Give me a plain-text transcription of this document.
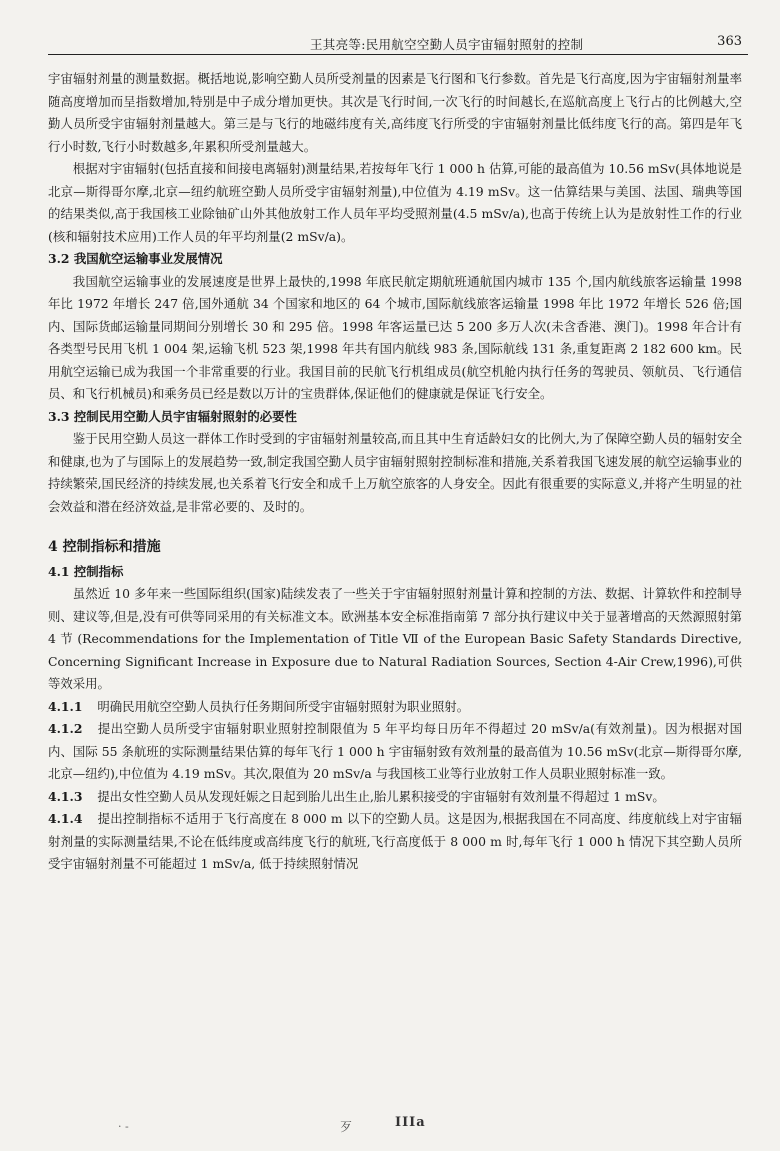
王其亮等:民用航空空勤人员宇宙辐射照射的控制	363

宇宙辐射剂量的测量数据。概括地说,影响空勤人员所受剂量的因素是飞行图和飞行参数。首先是飞行高度,因为宇宙辐射剂量率随高度增加而呈指数增加,特别是中子成分增加更快。其次是飞行时间,一次飞行的时间越长,在巡航高度上飞行占的比例越大,空勤人员所受宇宙辐射剂量越大。第三是与飞行的地磁纬度有关,高纬度飞行所受的宇宙辐射剂量比低纬度飞行的高。第四是年飞行小时数,飞行小时数越多,年累积所受剂量越大。

根据对宇宙辐射(包括直接和间接电离辐射)测量结果,若按每年飞行 1 000 h 估算,可能的最高值为 10.56 mSv(具体地说是北京—斯得哥尔摩,北京—纽约航班空勤人员所受宇宙辐射剂量),中位值为 4.19 mSv。这一估算结果与美国、法国、瑞典等国的结果类似,高于我国核工业除铀矿山外其他放射工作人员年平均受照剂量(4.5 mSv/a),也高于传统上认为是放射性工作的行业(核和辐射技术应用)工作人员的年平均剂量(2 mSv/a)。

3.2 我国航空运输事业发展情况

我国航空运输事业的发展速度是世界上最快的,1998 年底民航定期航班通航国内城市 135 个,国内航线旅客运输量 1998 年比 1972 年增长 247 倍,国外通航 34 个国家和地区的 64 个城市,国际航线旅客运输量 1998 年比 1972 年增长 526 倍;国内、国际货邮运输量同期间分别增长 30 和 295 倍。1998 年客运量已达 5 200 多万人次(未含香港、澳门)。1998 年合计有各类型号民用飞机 1 004 架,运输飞机 523 架,1998 年共有国内航线 983 条,国际航线 131 条,重复距离 2 182 600 km。民用航空运输已成为我国一个非常重要的行业。我国目前的民航飞行机组成员(航空机舱内执行任务的驾驶员、领航员、飞行通信员、和飞行机械员)和乘务员已经是数以万计的宝贵群体,保证他们的健康就是保证飞行安全。

3.3 控制民用空勤人员宇宙辐射照射的必要性

鉴于民用空勤人员这一群体工作时受到的宇宙辐射剂量较高,而且其中生育适龄妇女的比例大,为了保障空勤人员的辐射安全和健康,也为了与国际上的发展趋势一致,制定我国空勤人员宇宙辐射照射控制标准和措施,关系着我国飞速发展的航空运输事业的持续繁荣,国民经济的持续发展,也关系着飞行安全和成千上万航空旅客的人身安全。因此有很重要的实际意义,并将产生明显的社会效益和潜在经济效益,是非常必要的、及时的。

4 控制指标和措施
4.1 控制指标

虽然近 10 多年来一些国际组织(国家)陆续发表了一些关于宇宙辐射照射剂量计算和控制的方法、数据、计算软件和控制导则、建议等,但是,没有可供等同采用的有关标准文本。欧洲基本安全标准指南第 7 部分执行建议中关于显著增高的天然源照射第 4 节 (Recommendations for the Implementation of Title Ⅶ of the European Basic Safety Standards Directive, Concerning Significant Increase in Exposure due to Natural Radiation Sources, Section 4-Air Crew,1996),可供等效采用。

4.1.1 明确民用航空空勤人员执行任务期间所受宇宙辐射照射为职业照射。

4.1.2 提出空勤人员所受宇宙辐射职业照射控制限值为 5 年平均每日历年不得超过 20 mSv/a(有效剂量)。因为根据对国内、国际 55 条航班的实际测量结果估算的每年飞行 1 000 h 宇宙辐射致有效剂量的最高值为 10.56 mSv(北京—斯得哥尔摩,北京—纽约),中位值为 4.19 mSv。其次,限值为 20 mSv/a 与我国核工业等行业放射工作人员职业照射标准一致。

4.1.3 提出女性空勤人员从发现妊娠之日起到胎儿出生止,胎儿累积接受的宇宙辐射有效剂量不得超过 1 mSv。

4.1.4 提出控制指标不适用于飞行高度在 8 000 m 以下的空勤人员。这是因为,根据我国在不同高度、纬度航线上对宇宙辐射剂量的实际测量结果,不论在低纬度或高纬度飞行的航班,飞行高度低于 8 000 m 时,每年飞行 1 000 h 情况下其空勤人员所受宇宙辐射剂量不可能超过 1 mSv/a, 低于持续照射情况

· -	歹	IIIa
